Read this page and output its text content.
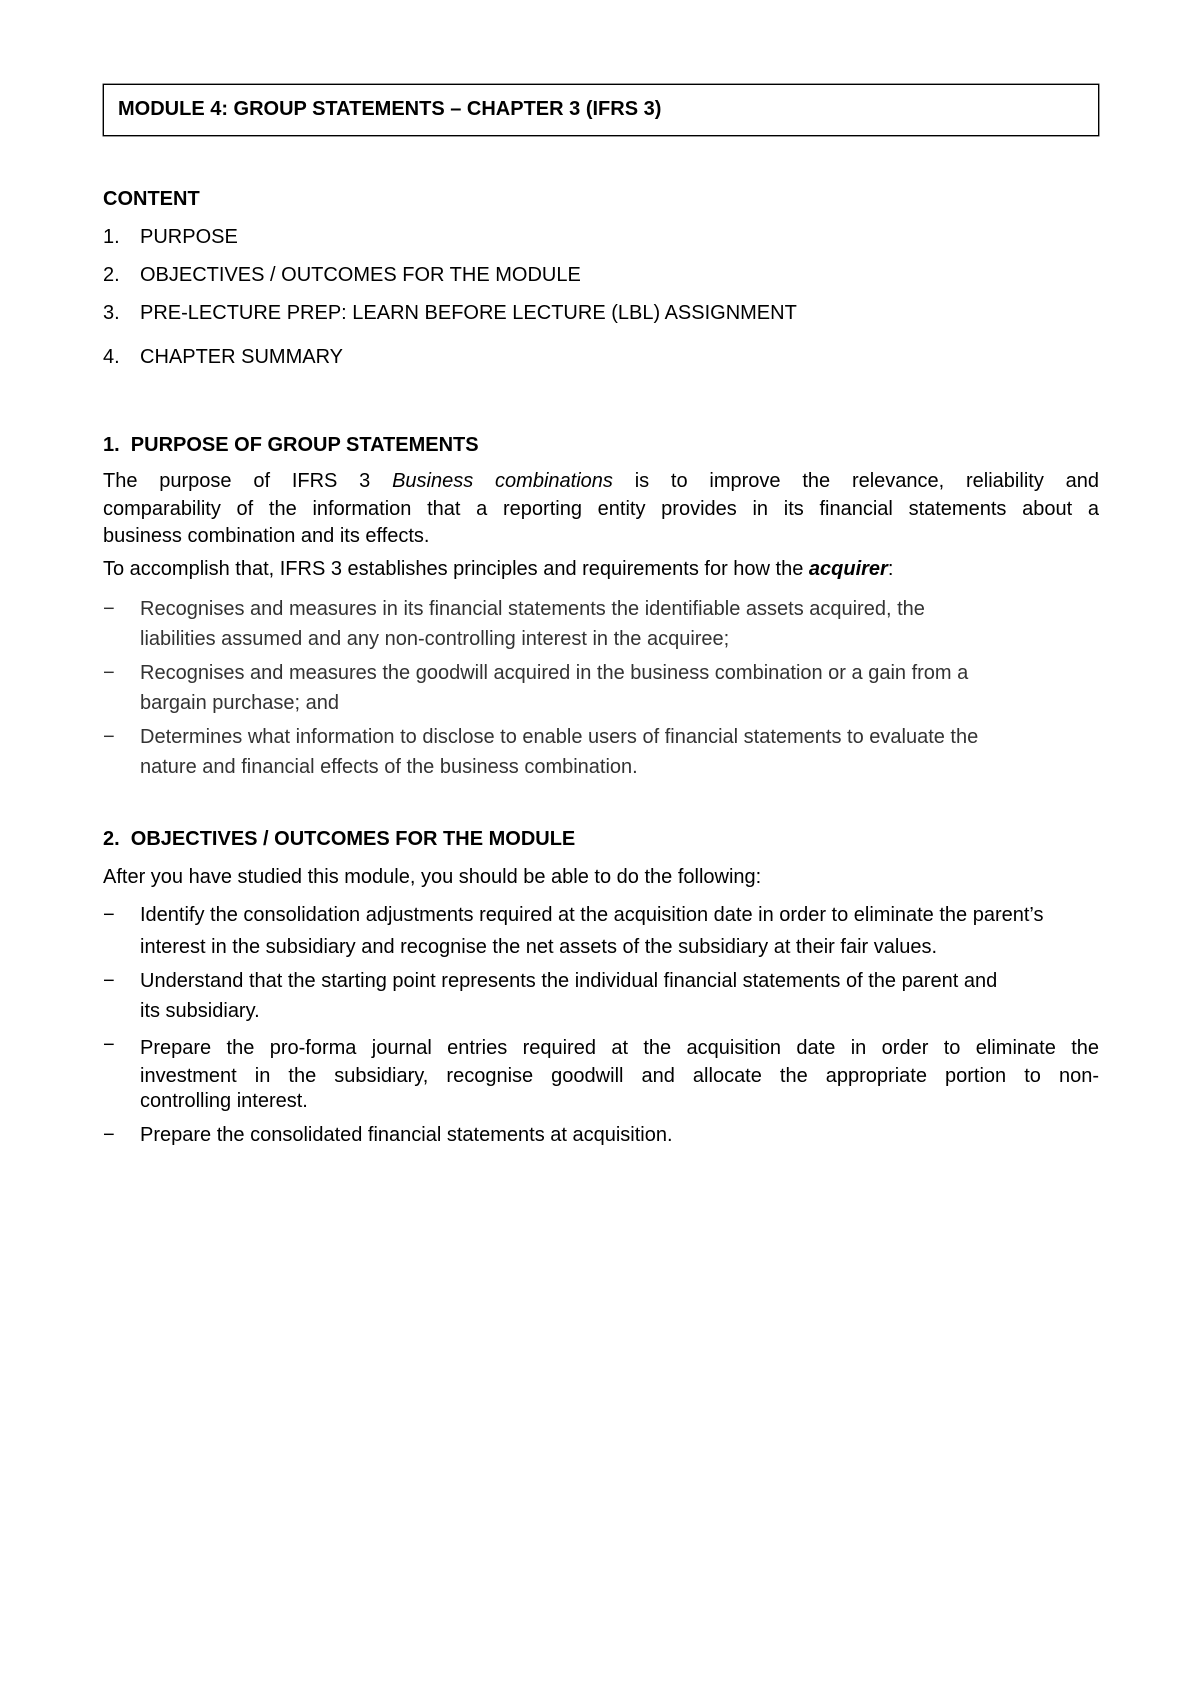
MODULE 4: GROUP STATEMENTS – CHAPTER 3 (IFRS 3)
CONTENT
1. PURPOSE
2. OBJECTIVES / OUTCOMES FOR THE MODULE
3. PRE-LECTURE PREP: LEARN BEFORE LECTURE (LBL) ASSIGNMENT
4. CHAPTER SUMMARY
1.  PURPOSE OF GROUP STATEMENTS
The purpose of IFRS 3 Business combinations is to improve the relevance, reliability and
comparability of the information that a reporting entity provides in its financial statements about a
business combination and its effects.
To accomplish that, IFRS 3 establishes principles and requirements for how the acquirer:
− Recognises and measures in its financial statements the identifiable assets acquired, the
liabilities assumed and any non-controlling interest in the acquiree;
− Recognises and measures the goodwill acquired in the business combination or a gain from a
bargain purchase; and
− Determines what information to disclose to enable users of financial statements to evaluate the
nature and financial effects of the business combination.
2.  OBJECTIVES / OUTCOMES FOR THE MODULE
After you have studied this module, you should be able to do the following:
− Identify the consolidation adjustments required at the acquisition date in order to eliminate the parent’s
interest in the subsidiary and recognise the net assets of the subsidiary at their fair values.
− Understand that the starting point represents the individual financial statements of the parent and
its subsidiary.
− Prepare the pro-forma journal entries required at the acquisition date in order to eliminate the
investment in the subsidiary, recognise goodwill and allocate the appropriate portion to non-
controlling interest.
− Prepare the consolidated financial statements at acquisition.
